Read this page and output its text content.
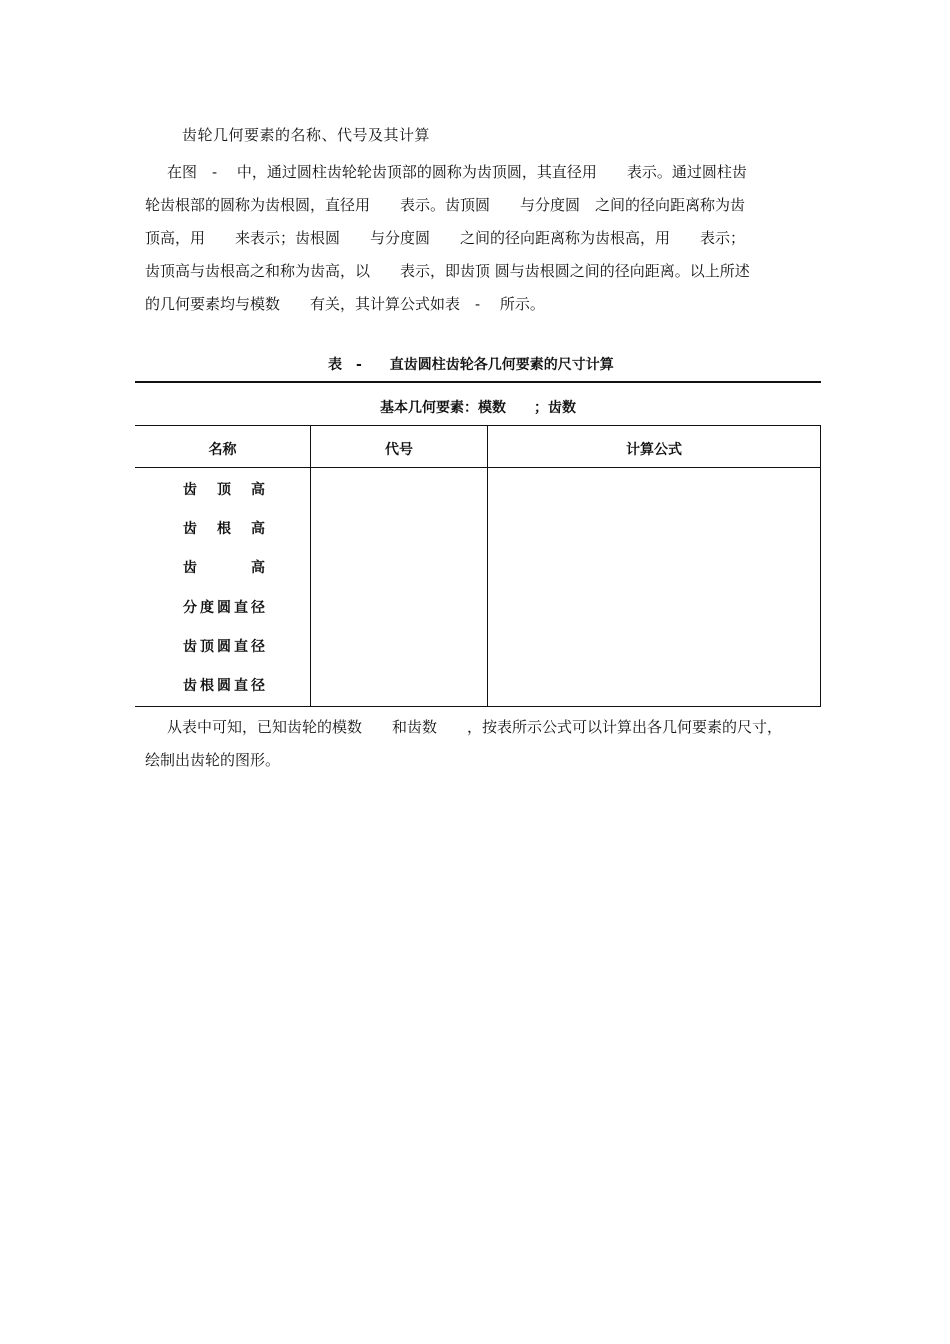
齿轮几何要素的名称、代号及其计算
在图　-　 中，通过圆柱齿轮轮齿顶部的圆称为齿顶圆，其直径用　　表示。通过圆柱齿
轮齿根部的圆称为齿根圆，直径用　　表示。齿顶圆　　与分度圆　之间的径向距离称为齿
顶高，用　　来表示；齿根圆　　与分度圆　　之间的径向距离称为齿根高，用　　表示；
齿顶高与齿根高之和称为齿高，以　　表示，即齿顶 圆与齿根圆之间的径向距离。以上所述
的几何要素均与模数　　有关，其计算公式如表　-　 所示。
表　-　　直齿圆柱齿轮各几何要素的尺寸计算
基本几何要素：模数　　；齿数
名称	代号	计算公式
齿顶高
齿根高
齿高
分度圆直径
齿顶圆直径
齿根圆直径
从表中可知，已知齿轮的模数　　和齿数　　，按表所示公式可以计算出各几何要素的尺寸，
绘制出齿轮的图形。
